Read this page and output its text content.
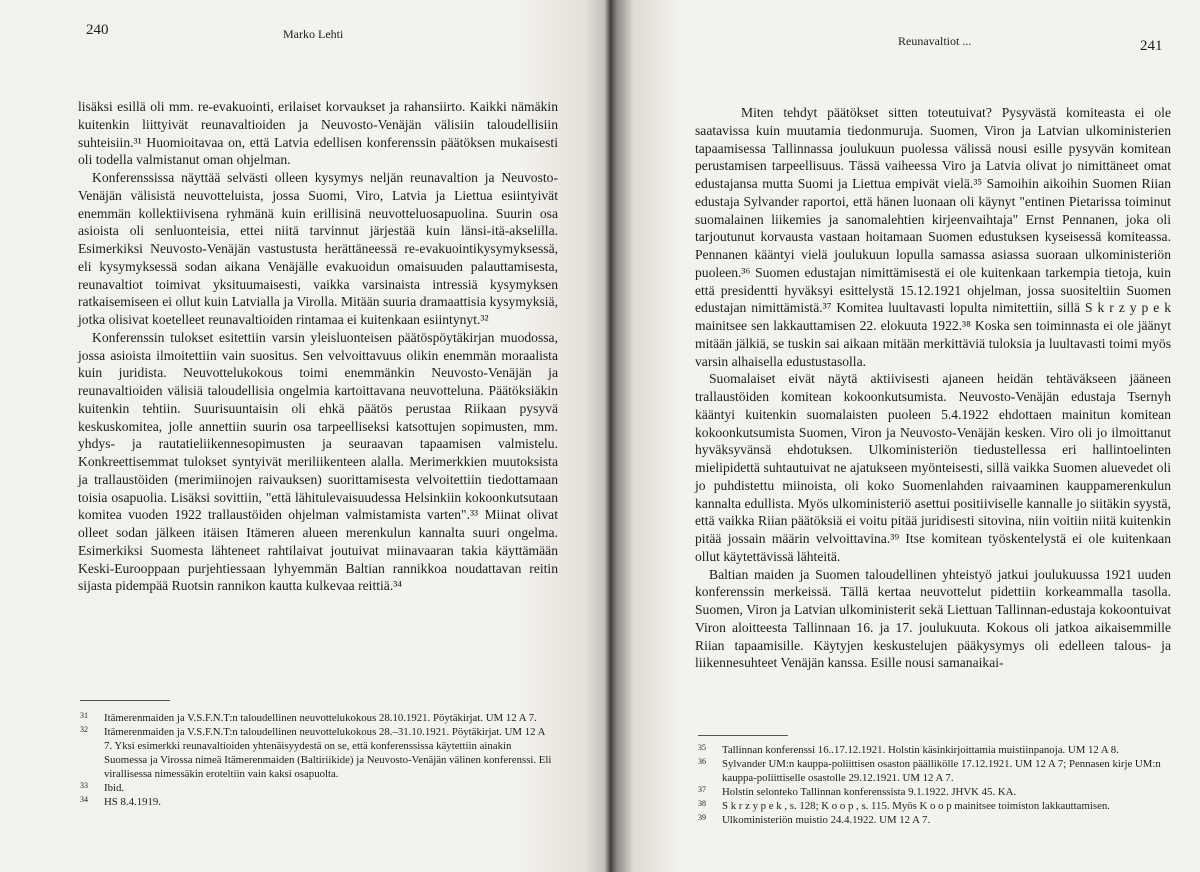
240	Marko Lehti

lisäksi esillä oli mm. re-evakuointi, erilaiset korvaukset ja rahansiirto. Kaikki nämäkin kuitenkin liittyivät reunavaltioiden ja Neuvosto-Venäjän välisiin taloudellisiin suhteisiin.³¹ Huomioitavaa on, että Latvia edellisen konferenssin päätöksen mukaisesti oli todella valmistanut oman ohjelman.

Konferenssissa näyttää selvästi olleen kysymys neljän reunavaltion ja Neuvosto-Venäjän välisistä neuvotteluista, jossa Suomi, Viro, Latvia ja Liettua esiintyivät enemmän kollektiivisena ryhmänä kuin erillisinä neuvotteluosapuolina. Suurin osa asioista oli senluonteisia, ettei niitä tarvinnut järjestää kuin länsi-itä-akselilla. Esimerkiksi Neuvosto-Venäjän vastustusta herättäneessä re-evakuointikysymyksessä, eli kysymyksessä sodan aikana Venäjälle evakuoidun omaisuuden palauttamisesta, reunavaltiot toimivat yksituumaisesti, vaikka varsinaista intressiä kysymyksen ratkaisemiseen ei ollut kuin Latvialla ja Virolla. Mitään suuria dramaattisia kysymyksiä, jotka olisivat koetelleet reunavaltioiden rintamaa ei kuitenkaan esiintynyt.³²

Konferenssin tulokset esitettiin varsin yleisluonteisen päätöspöytäkirjan muodossa, jossa asioista ilmoitettiin vain suositus. Sen velvoittavuus olikin enemmän moraalista kuin juridista. Neuvottelukokous toimi enemmänkin Neuvosto-Venäjän ja reunavaltioiden välisiä taloudellisia ongelmia kartoittavana neuvotteluna. Päätöksiäkin kuitenkin tehtiin. Suurisuuntaisin oli ehkä päätös perustaa Riikaan pysyvä keskuskomitea, jolle annettiin suurin osa tarpeelliseksi katsottujen sopimusten, mm. yhdys- ja rautatieliikennesopimusten ja seuraavan tapaamisen valmistelu. Konkreettisemmat tulokset syntyivät meriliikenteen alalla. Merimerkkien muutoksista ja trallaustöiden (merimiinojen raivauksen) suorittamisesta velvoitettiin tiedottamaan toisia osapuolia. Lisäksi sovittiin, "että lähitulevaisuudessa Helsinkiin kokoonkutsutaan komitea vuoden 1922 trallaustöiden ohjelman valmistamista varten".³³ Miinat olivat olleet sodan jälkeen itäisen Itämeren alueen merenkulun kannalta suuri ongelma. Esimerkiksi Suomesta lähteneet rahtilaivat joutuivat miinavaaran takia käyttämään Keski-Eurooppaan purjehtiessaan lyhyemmän Baltian rannikkoa noudattavan reitin sijasta pidempää Ruotsin rannikon kautta kulkevaa reittiä.³⁴

31	Itämerenmaiden ja V.S.F.N.T:n taloudellinen neuvottelukokous 28.10.1921. Pöytäkirjat. UM 12 A 7.
32	Itämerenmaiden ja V.S.F.N.T:n taloudellinen neuvottelukokous 28.–31.10.1921. Pöytäkirjat. UM 12 A 7. Yksi esimerkki reunavaltioiden yhtenäisyydestä on se, että konferenssissa käytettiin ainakin Suomessa ja Virossa nimeä Itämerenmaiden (Baltiriikide) ja Neuvosto-Venäjän välinen konferenssi. Eli virallisessa nimessäkin eroteltiin vain kaksi osapuolta.
33	Ibid.
34	HS 8.4.1919.
Reunavaltiot ...	241

Miten tehdyt päätökset sitten toteutuivat? Pysyvästä komiteasta ei ole saatavissa kuin muutamia tiedonmuruja. Suomen, Viron ja Latvian ulkoministerien tapaamisessa Tallinnassa joulukuun puolessa välissä nousi esille pysyvän komitean perustamisen tarpeellisuus. Tässä vaiheessa Viro ja Latvia olivat jo nimittäneet omat edustajansa mutta Suomi ja Liettua empivät vielä.³⁵ Samoihin aikoihin Suomen Riian edustaja Sylvander raportoi, että hänen luonaan oli käynyt "entinen Pietarissa toiminut suomalainen liikemies ja sanomalehtien kirjeenvaihtaja" Ernst Pennanen, joka oli tarjoutunut korvausta vastaan hoitamaan Suomen edustuksen kyseisessä komiteassa. Pennanen kääntyi vielä joulukuun lopulla samassa asiassa suoraan ulkoministeriön puoleen.³⁶ Suomen edustajan nimittämisestä ei ole kuitenkaan tarkempia tietoja, kuin että presidentti hyväksyi esittelystä 15.12.1921 ohjelman, jossa suositeltiin Suomen edustajan nimittämistä.³⁷ Komitea luultavasti lopulta nimitettiin, sillä S k r z y p e k mainitsee sen lakkauttamisen 22. elokuuta 1922.³⁸ Koska sen toiminnasta ei ole jäänyt mitään jälkiä, se tuskin sai aikaan mitään merkittäviä tuloksia ja luultavasti toimi myös varsin alhaisella edustustasolla.

Suomalaiset eivät näytä aktiivisesti ajaneen heidän tehtäväkseen jääneen trallaustöiden komitean kokoonkutsumista. Neuvosto-Venäjän edustaja Tsernyh kääntyi kuitenkin suomalaisten puoleen 5.4.1922 ehdottaen mainitun komitean kokoonkutsumista Suomen, Viron ja Neuvosto-Venäjän kesken. Viro oli jo ilmoittanut hyväksyvänsä ehdotuksen. Ulkoministeriön tiedustellessa eri hallintoelinten mielipidettä suhtautuivat ne ajatukseen myönteisesti, sillä vaikka Suomen aluevedet oli jo puhdistettu miinoista, oli koko Suomenlahden raivaaminen kauppamerenkulun kannalta edullista. Myös ulkoministeriö asettui positiiviselle kannalle jo siitäkin syystä, että vaikka Riian päätöksiä ei voitu pitää juridisesti sitovina, niin voitiin niitä kuitenkin pitää jossain määrin velvoittavina.³⁹ Itse komitean työskentelystä ei ole kuitenkaan ollut käytettävissä lähteitä.

Baltian maiden ja Suomen taloudellinen yhteistyö jatkui joulukuussa 1921 uuden konferenssin merkeissä. Tällä kertaa neuvottelut pidettiin korkeammalla tasolla. Suomen, Viron ja Latvian ulkoministerit sekä Liettuan Tallinnan-edustaja kokoontuivat Viron aloitteesta Tallinnaan 16. ja 17. joulukuuta. Kokous oli jatkoa aikaisemmille Riian tapaamisille. Käytyjen keskustelujen pääkysymys oli edelleen talous- ja liikennesuhteet Venäjän kanssa. Esille nousi samanaikai-

35	Tallinnan konferenssi 16..17.12.1921. Holstin käsinkirjoittamia muistiinpanoja. UM 12 A 8.
36	Sylvander UM:n kauppa-poliittisen osaston päällikölle 17.12.1921. UM 12 A 7; Pennasen kirje UM:n kauppa-poliittiselle osastolle 29.12.1921. UM 12 A 7.
37	Holstin selonteko Tallinnan konferenssista 9.1.1922. JHVK 45. KA.
38	S k r z y p e k , s. 128; K o o p , s. 115. Myös K o o p mainitsee toimiston lakkauttamisen.
39	Ulkoministeriön muistio 24.4.1922. UM 12 A 7.
